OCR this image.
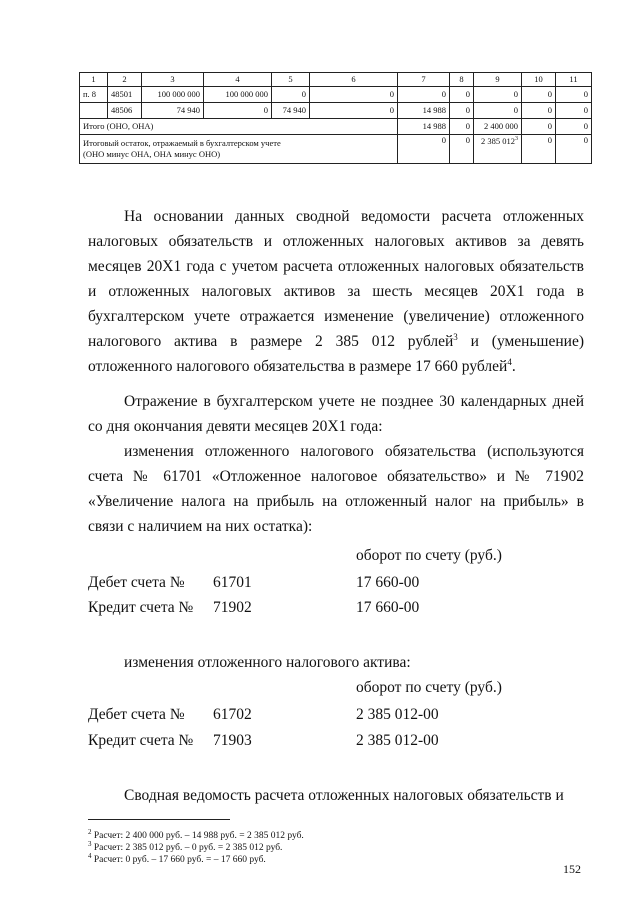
1	2	3	4	5	6	7	8	9	10	11
п. 8	48501	100 000 000	100 000 000	0	0	0	0	0	0	0
	48506	74 940	0	74 940	0	14 988	0	0	0	0
Итого (ОНО, ОНА)						14 988	0	2 400 000	0	0
Итоговый остаток, отражаемый в бухгалтерском учете
(ОНО минус ОНА, ОНА минус ОНО)						0	0	2 385 $012^3$	0	0
На основании данных сводной ведомости расчета отложенных налоговых обязательств и отложенных налоговых активов за девять месяцев 20Х1 года с учетом расчета отложенных налоговых обязательств и отложенных налоговых активов за шесть месяцев 20Х1 года в бухгалтерском учете отражается изменение (увеличение) отложенного налогового актива в размере 2 385 012 рублей$^3$ и (уменьшение) отложенного налогового обязательства в размере 17 660 рублей$^4$.
Отражение в бухгалтерском учете не позднее 30 календарных дней со дня окончания девяти месяцев 20Х1 года:
изменения отложенного налогового обязательства (используются счета № 61701 «Отложенное налоговое обязательство» и № 71902 «Увеличение налога на прибыль на отложенный налог на прибыль» в связи с наличием на них остатка):
оборот по счету (руб.)
Дебет счета № 61701	17 660-00
Кредит счета № 71902	17 660-00
изменения отложенного налогового актива:
оборот по счету (руб.)
Дебет счета № 61702	2 385 012-00
Кредит счета № 71903	2 385 012-00
Сводная ведомость расчета отложенных налоговых обязательств и
$^2$ Расчет: 2 400 000 руб. – 14 988 руб. = 2 385 012 руб.
$^3$ Расчет: 2 385 012 руб. – 0 руб. = 2 385 012 руб.
$^4$ Расчет: 0 руб. – 17 660 руб. = – 17 660 руб.
152
